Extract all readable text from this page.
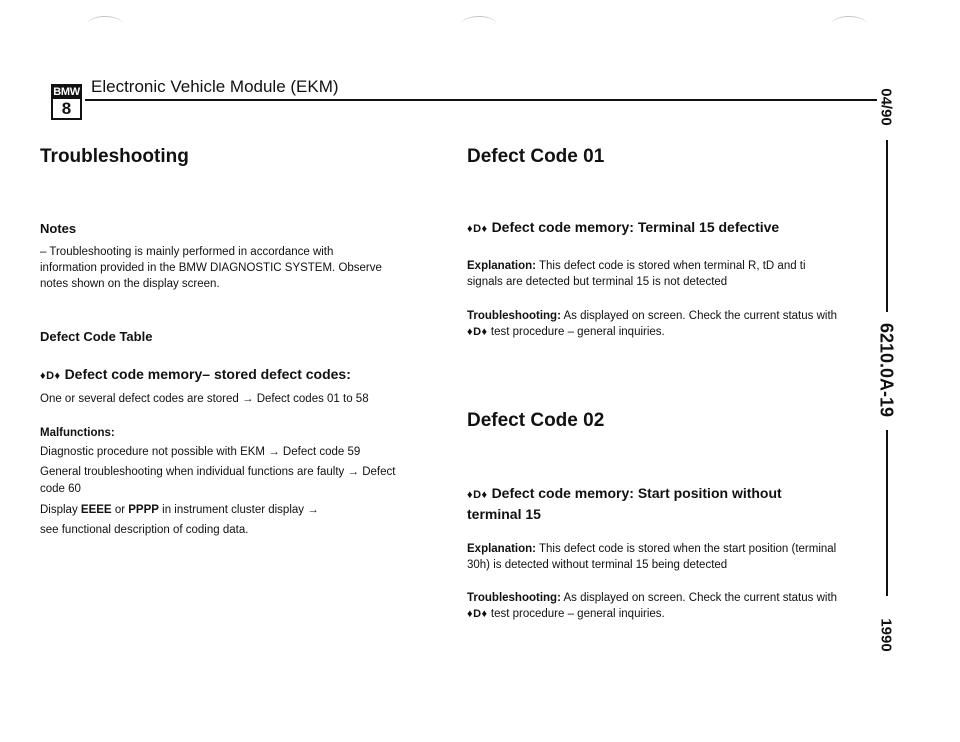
BMW
8
Electronic Vehicle Module (EKM)
Troubleshooting
Notes
– Troubleshooting is mainly performed in accordance with information provided in the BMW DIAGNOSTIC SYSTEM. Observe notes shown on the display screen.
Defect Code Table
♦D♦ Defect code memory– stored defect codes:
One or several defect codes are stored → Defect codes 01 to 58
Malfunctions:
Diagnostic procedure not possible with EKM → Defect code 59
General troubleshooting when individual functions are faulty → Defect
code 60
Display EEEE or PPPP in instrument cluster display →
see functional description of coding data.
Defect Code 01
♦D♦ Defect code memory: Terminal 15 defective
Explanation: This defect code is stored when terminal R, tD and ti signals are detected but terminal 15 is not detected
Troubleshooting: As displayed on screen. Check the current status with
♦D♦ test procedure – general inquiries.
Defect Code 02
♦D♦ Defect code memory: Start position without terminal 15
Explanation: This defect code is stored when the start position (terminal 30h) is detected without terminal 15 being detected
Troubleshooting: As displayed on screen. Check the current status with
♦D♦ test procedure – general inquiries.
04/90
6210.0A-19
1990
